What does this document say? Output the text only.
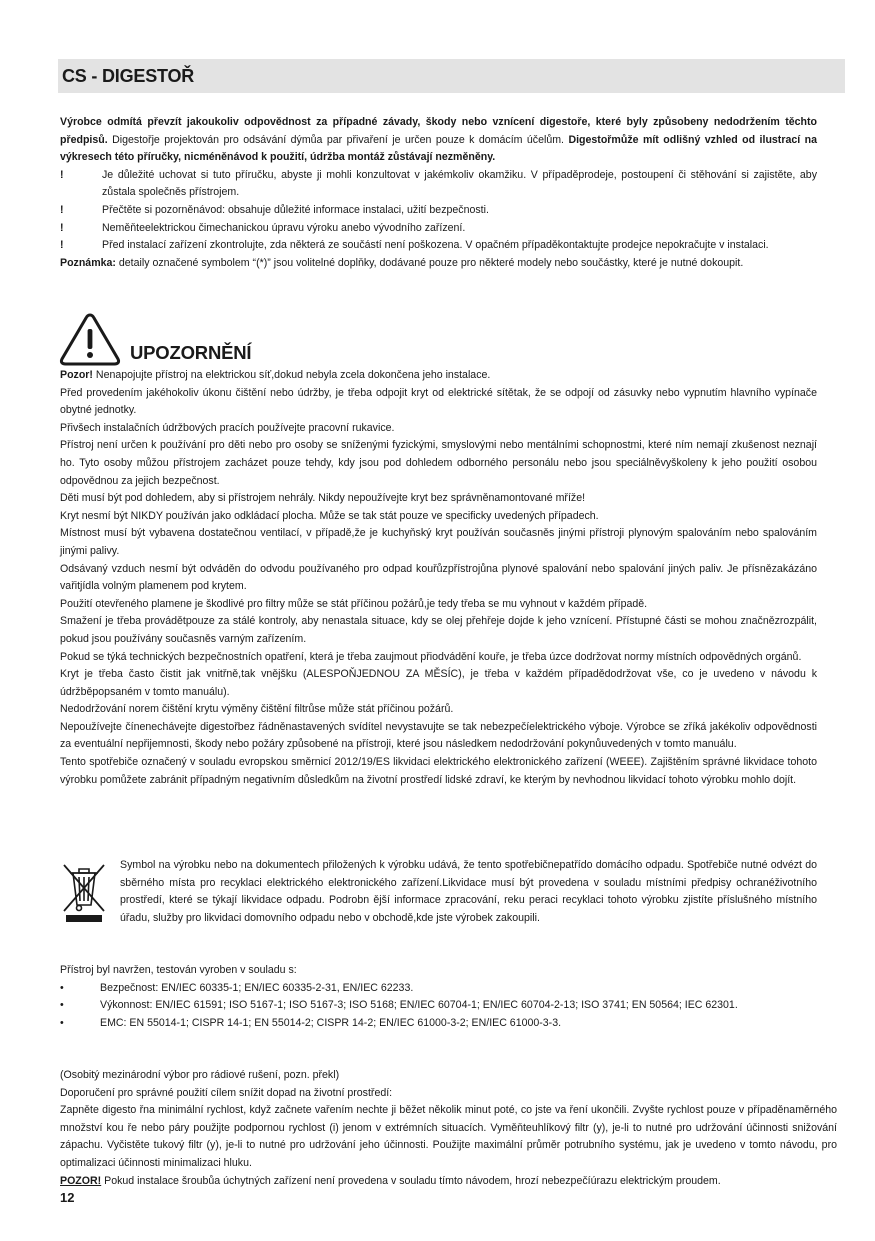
CS - DIGESTOŘ

Výrobce odmítá převzít jakoukoliv odpovědnost za případné závady, škody nebo vznícení digestoře, které byly způsobeny nedodržením těchto předpisů. Digestořje projektován pro odsávání dýmůa par přivaření je určen pouze k domácím účelům. Digestořmůže mít odlišný vzhled od ilustrací na výkresech této příručky, nicméněnávod k použití, údržba montáž zůstávají nezměněny.

!	Je důležité uchovat si tuto příručku, abyste ji mohli konzultovat v jakémkoliv okamžiku. V případěprodeje, postoupení či stěhování si zajistěte, aby zůstala společněs přístrojem.
!	Přečtěte si pozorněnávod: obsahuje důležité informace instalaci, užití bezpečnosti.
!	Neměňteelektrickou čimechanickou úpravu výroku anebo vývodního zařízení.
!	Před instalací zařízení zkontrolujte, zda některá ze součástí není poškozena. V opačném případěkontaktujte prodejce nepokračujte v instalaci.

Poznámka: detaily označené symbolem “(*)” jsou volitelné doplňky, dodávané pouze pro některé modely nebo součástky, které je nutné dokoupit.

UPOZORNĚNÍ

Pozor! Nenapojujte přístroj na elektrickou síť,dokud nebyla zcela dokončena jeho instalace.

Před provedením jakéhokoliv úkonu čištění nebo údržby, je třeba odpojit kryt od elektrické sítětak, že se odpojí od zásuvky nebo vypnutím hlavního vypínače obytné jednotky.

Přivšech instalačních údržbových pracích používejte pracovní rukavice.

Přístroj není určen k používání pro děti nebo pro osoby se sníženými fyzickými, smyslovými nebo mentálními schopnostmi, které ním nemají zkušenost neznají ho. Tyto osoby můžou přístrojem zacházet pouze tehdy, kdy jsou pod dohledem odborného personálu nebo jsou speciálněvyškoleny k jeho použití osobou odpovědnou za jejich bezpečnost.

Děti musí být pod dohledem, aby si přístrojem nehrály. Nikdy nepoužívejte kryt bez správněnamontované mříže!

Kryt nesmí být NIKDY používán jako odkládací plocha. Může se tak stát pouze ve specificky uvedených případech.

Místnost musí být vybavena dostatečnou ventilací, v případě,že je kuchyňský kryt používán současněs jinými přístroji plynovým spalováním nebo spalováním jinými palivy.

Odsávaný vzduch nesmí být odváděn do odvodu používaného pro odpad kouřůzpřístrojůna plynové spalování nebo spalování jiných paliv. Je přísnězakázáno vařitjídla volným plamenem pod krytem.

Použití otevřeného plamene je škodlivé pro filtry může se stát příčinou požárů,je tedy třeba se mu vyhnout v každém případě.

Smažení je třeba provádětpouze za stálé kontroly, aby nenastala situace, kdy se olej přehřeje dojde k jeho vznícení. Přístupné části se mohou značnězrozpálit, pokud jsou používány současněs varným zařízením.

Pokud se týká technických bezpečnostních opatření, která je třeba zaujmout přiodvádění kouře, je třeba úzce dodržovat normy místních odpovědných orgánů.

Kryt je třeba často čistit jak vnitřně,tak vnějšku (ALESPOŇJEDNOU ZA MĚSÍC), je třeba v každém případědodržovat vše, co je uvedeno v návodu k údržběpopsaném v tomto manuálu).

Nedodržování norem čištění krytu výměny čištění filtrůse může stát příčinou požárů.

Nepoužívejte čínenechávejte digestořbez řádněnastavených svídítel nevystavujte se tak nebezpečíelektrického výboje. Výrobce se zříká jakékoliv odpovědnosti za eventuální nepřijemnosti, škody nebo požáry způsobené na přístroji, které jsou následkem nedodržování pokynůuvedených v tomto manuálu.

Tento spotřebiče označený v souladu evropskou směrnicí 2012/19/ES likvidaci elektrického elektronického zařízení (WEEE). Zajištěním správné likvidace tohoto výrobku pomůžete zabránit případným negativním důsledkům na životní prostředí lidské zdraví, ke kterým by nevhodnou likvidací tohoto výrobku mohlo dojít.

Symbol na výrobku nebo na dokumentech přiložených k výrobku udává, že tento spotřebičnepatřído domácího odpadu. Spotřebiče nutné odvézt do sběrného místa pro recyklaci elektrického elektronického zařízení.Likvidace musí být provedena v souladu místními předpisy ochranéživotního prostředí, které se týkají likvidace odpadu. Podrobn ější informace zpracování, reku peraci recyklaci tohoto výrobku zjistíte příslušného místního úřadu, služby pro likvidaci domovního odpadu nebo v obchodě,kde jste výrobek zakoupili.

Přístroj byl navržen, testován vyroben v souladu s:

•	Bezpečnost: EN/IEC 60335-1; EN/IEC 60335-2-31, EN/IEC 62233.
•	Výkonnost: EN/IEC 61591; ISO 5167-1; ISO 5167-3; ISO 5168; EN/IEC 60704-1; EN/IEC 60704-2-13; ISO 3741; EN 50564; IEC 62301.
•	EMC: EN 55014-1; CISPR 14-1; EN 55014-2; CISPR 14-2; EN/IEC 61000-3-2; EN/IEC 61000-3-3.

(Osobitý mezinárodní výbor pro rádiové rušení, pozn. překl)

Doporučení pro správné použití cílem snížit dopad na životní prostředí:

Zapněte digesto řna minimální rychlost, když začnete vařením nechte ji běžet několik minut poté, co jste va ření ukončili. Zvyšte rychlost pouze v případěnaměrného množství kou ře nebo páry použijte podpornou rychlost (i) jenom v extrémních situacích. Vyměňteuhlíkový filtr (y), je-li to nutné pro udržování účinnosti snižování zápachu. Vyčistěte tukový filtr (y), je-li to nutné pro udržování jeho účinnosti. Použijte maximální průměr potrubního systému, jak je uvedeno v tomto návodu, pro optimalizaci účinnosti minimalizaci hluku.

POZOR! Pokud instalace šroubůa úchytných zařízení není provedena v souladu tímto návodem, hrozí nebezpečíúrazu elektrickým proudem.

12
